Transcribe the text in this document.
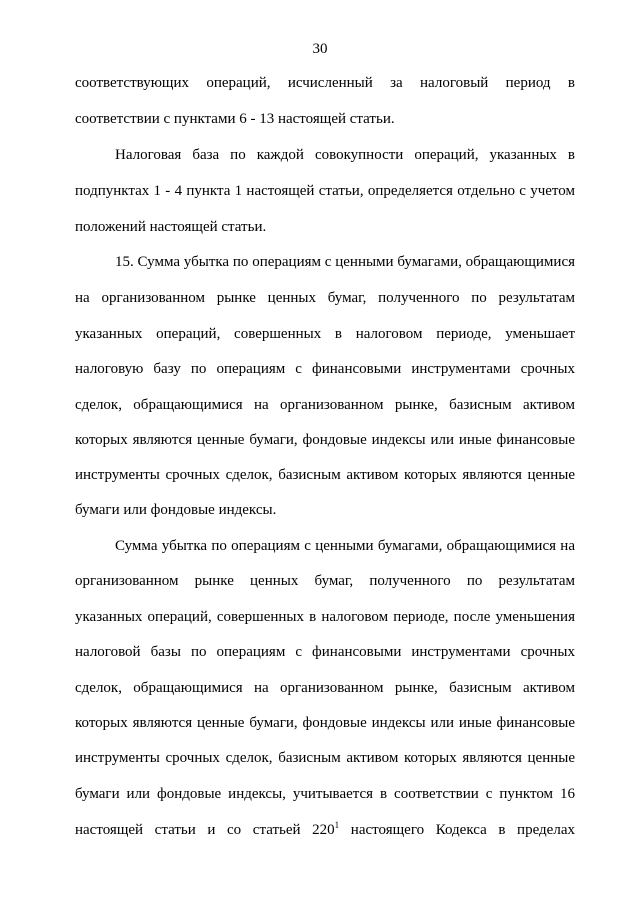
30
соответствующих операций, исчисленный за налоговый период в
соответствии с пунктами 6 - 13 настоящей статьи.
Налоговая база по каждой совокупности операций, указанных в
подпунктах 1 - 4 пункта 1 настоящей статьи, определяется отдельно с учетом
положений настоящей статьи.
15. Сумма убытка по операциям с ценными бумагами, обращающимися
на организованном рынке ценных бумаг, полученного по результатам
указанных операций, совершенных в налоговом периоде, уменьшает
налоговую базу по операциям с финансовыми инструментами срочных
сделок, обращающимися на организованном рынке, базисным активом
которых являются ценные бумаги, фондовые индексы или иные финансовые
инструменты срочных сделок, базисным активом которых являются ценные
бумаги или фондовые индексы.
Сумма убытка по операциям с ценными бумагами, обращающимися на
организованном рынке ценных бумаг, полученного по результатам
указанных операций, совершенных в налоговом периоде, после уменьшения
налоговой базы по операциям с финансовыми инструментами срочных
сделок, обращающимися на организованном рынке, базисным активом
которых являются ценные бумаги, фондовые индексы или иные финансовые
инструменты срочных сделок, базисным активом которых являются ценные
бумаги или фондовые индексы, учитывается в соответствии с пунктом 16
настоящей статьи и со статьей $220^1$ настоящего Кодекса в пределах
